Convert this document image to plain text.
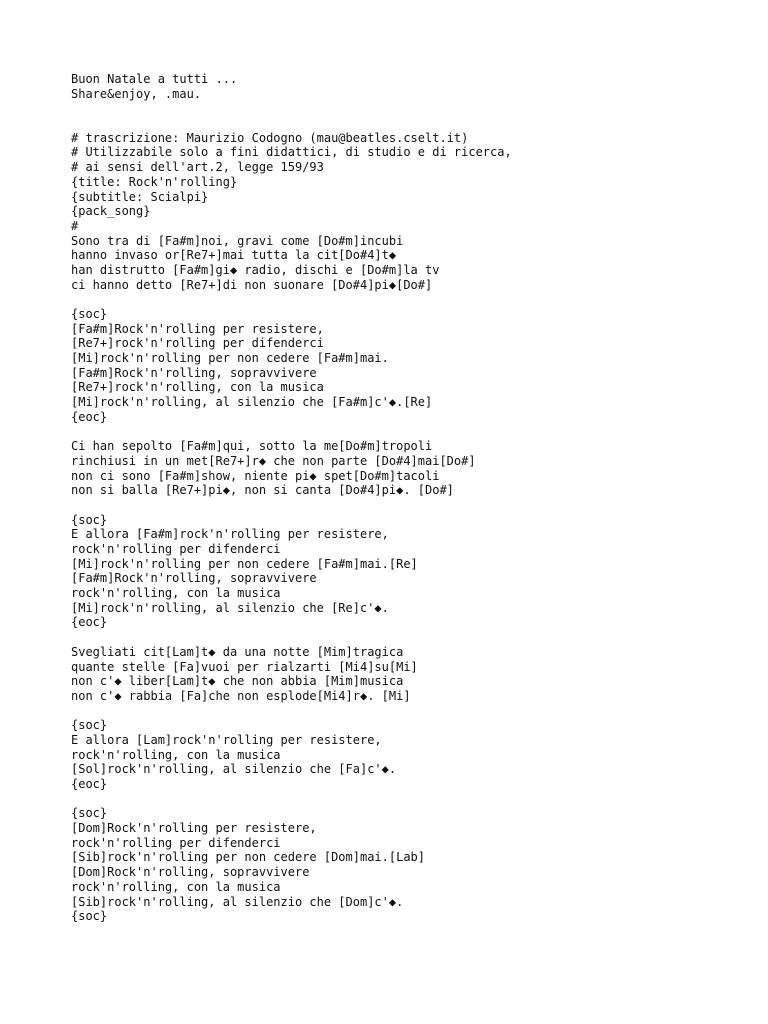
Buon Natale a tutti ...
Share&enjoy, .mau.
# trascrizione: Maurizio Codogno (mau@beatles.cselt.it)
# Utilizzabile solo a fini didattici, di studio e di ricerca,
# ai sensi dell'art.2, legge 159/93
{title: Rock'n'rolling}
{subtitle: Scialpi}
{pack_song}
#
Sono tra di [Fa#m]noi, gravi come [Do#m]incubi
hanno invaso or[Re7+]mai tutta la cit[Do#4]t◆
han distrutto [Fa#m]gi◆ radio, dischi e [Do#m]la tv
ci hanno detto [Re7+]di non suonare [Do#4]pi◆[Do#]
{soc}
[Fa#m]Rock'n'rolling per resistere,
[Re7+]rock'n'rolling per difenderci
[Mi]rock'n'rolling per non cedere [Fa#m]mai.
[Fa#m]Rock'n'rolling, sopravvivere
[Re7+]rock'n'rolling, con la musica
[Mi]rock'n'rolling, al silenzio che [Fa#m]c'◆.[Re]
{eoc}
Ci han sepolto [Fa#m]qui, sotto la me[Do#m]tropoli
rinchiusi in un met[Re7+]r◆ che non parte [Do#4]mai[Do#]
non ci sono [Fa#m]show, niente pi◆ spet[Do#m]tacoli
non si balla [Re7+]pi◆, non si canta [Do#4]pi◆. [Do#]
{soc}
E allora [Fa#m]rock'n'rolling per resistere,
rock'n'rolling per difenderci
[Mi]rock'n'rolling per non cedere [Fa#m]mai.[Re]
[Fa#m]Rock'n'rolling, sopravvivere
rock'n'rolling, con la musica
[Mi]rock'n'rolling, al silenzio che [Re]c'◆.
{eoc}
Svegliati cit[Lam]t◆ da una notte [Mim]tragica
quante stelle [Fa]vuoi per rialzarti [Mi4]su[Mi]
non c'◆ liber[Lam]t◆ che non abbia [Mim]musica
non c'◆ rabbia [Fa]che non esplode[Mi4]r◆. [Mi]
{soc}
E allora [Lam]rock'n'rolling per resistere,
rock'n'rolling, con la musica
[Sol]rock'n'rolling, al silenzio che [Fa]c'◆.
{eoc}
{soc}
[Dom]Rock'n'rolling per resistere,
rock'n'rolling per difenderci
[Sib]rock'n'rolling per non cedere [Dom]mai.[Lab]
[Dom]Rock'n'rolling, sopravvivere
rock'n'rolling, con la musica
[Sib]rock'n'rolling, al silenzio che [Dom]c'◆.
{soc}
